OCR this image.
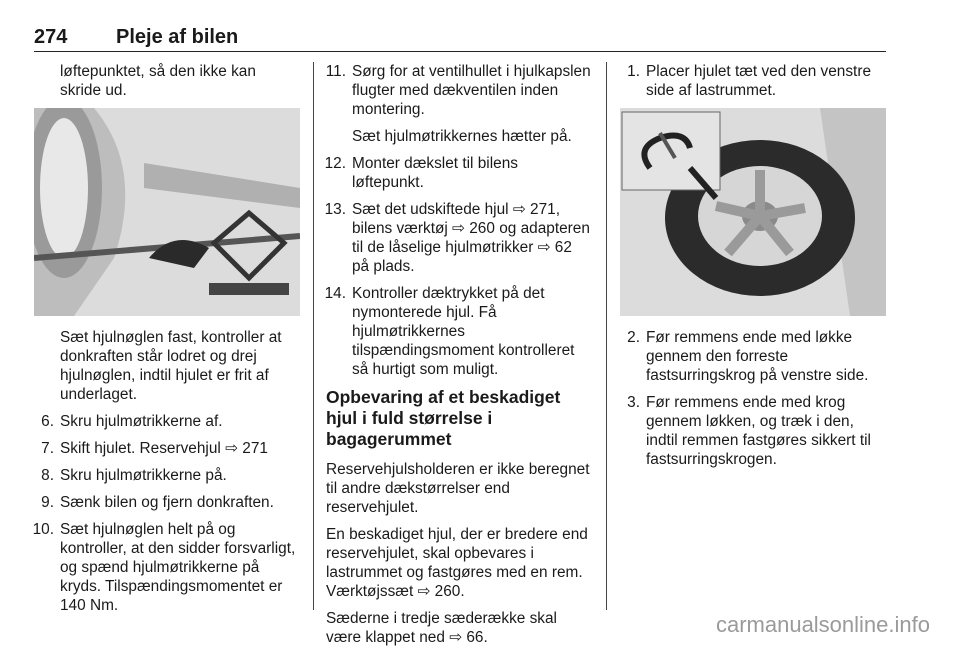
274 Pleje af bilen

løftepunktet, så den ikke kan skride ud.

Sæt hjulnøglen fast, kontroller at donkraften står lodret og drej hjulnøglen, indtil hjulet er frit af underlaget.

6. Skru hjulmøtrikkerne af.
7. Skift hjulet. Reservehjul ⇨ 271
8. Skru hjulmøtrikkerne på.
9. Sænk bilen og fjern donkraften.
10. Sæt hjulnøglen helt på og kontroller, at den sidder forsvarligt, og spænd hjulmøtrikkerne på kryds. Tilspændingsmomentet er 140 Nm.
11. Sørg for at ventilhullet i hjulkapslen flugter med dækventilen inden montering.

Sæt hjulmøtrikkernes hætter på.

12. Monter dækslet til bilens løftepunkt.
13. Sæt det udskiftede hjul ⇨ 271, bilens værktøj ⇨ 260 og adapteren til de låselige hjulmøtrikker ⇨ 62 på plads.
14. Kontroller dæktrykket på det nymonterede hjul. Få hjulmøtrikkernes tilspændingsmoment kontrolleret så hurtigt som muligt.
Opbevaring af et beskadiget hjul i fuld størrelse i bagagerummet

Reservehjulsholderen er ikke beregnet til andre dækstørrelser end reservehjulet.

En beskadiget hjul, der er bredere end reservehjulet, skal opbevares i lastrummet og fastgøres med en rem. Værktøjssæt ⇨ 260.

Sæderne i tredje sæderække skal være klappet ned ⇨ 66.

1. Placer hjulet tæt ved den venstre side af lastrummet.
2. Før remmens ende med løkke gennem den forreste fastsurringskrog på venstre side.
3. Før remmens ende med krog gennem løkken, og træk i den, indtil remmen fastgøres sikkert til fastsurringskrogen.
carmanualsonline.info
